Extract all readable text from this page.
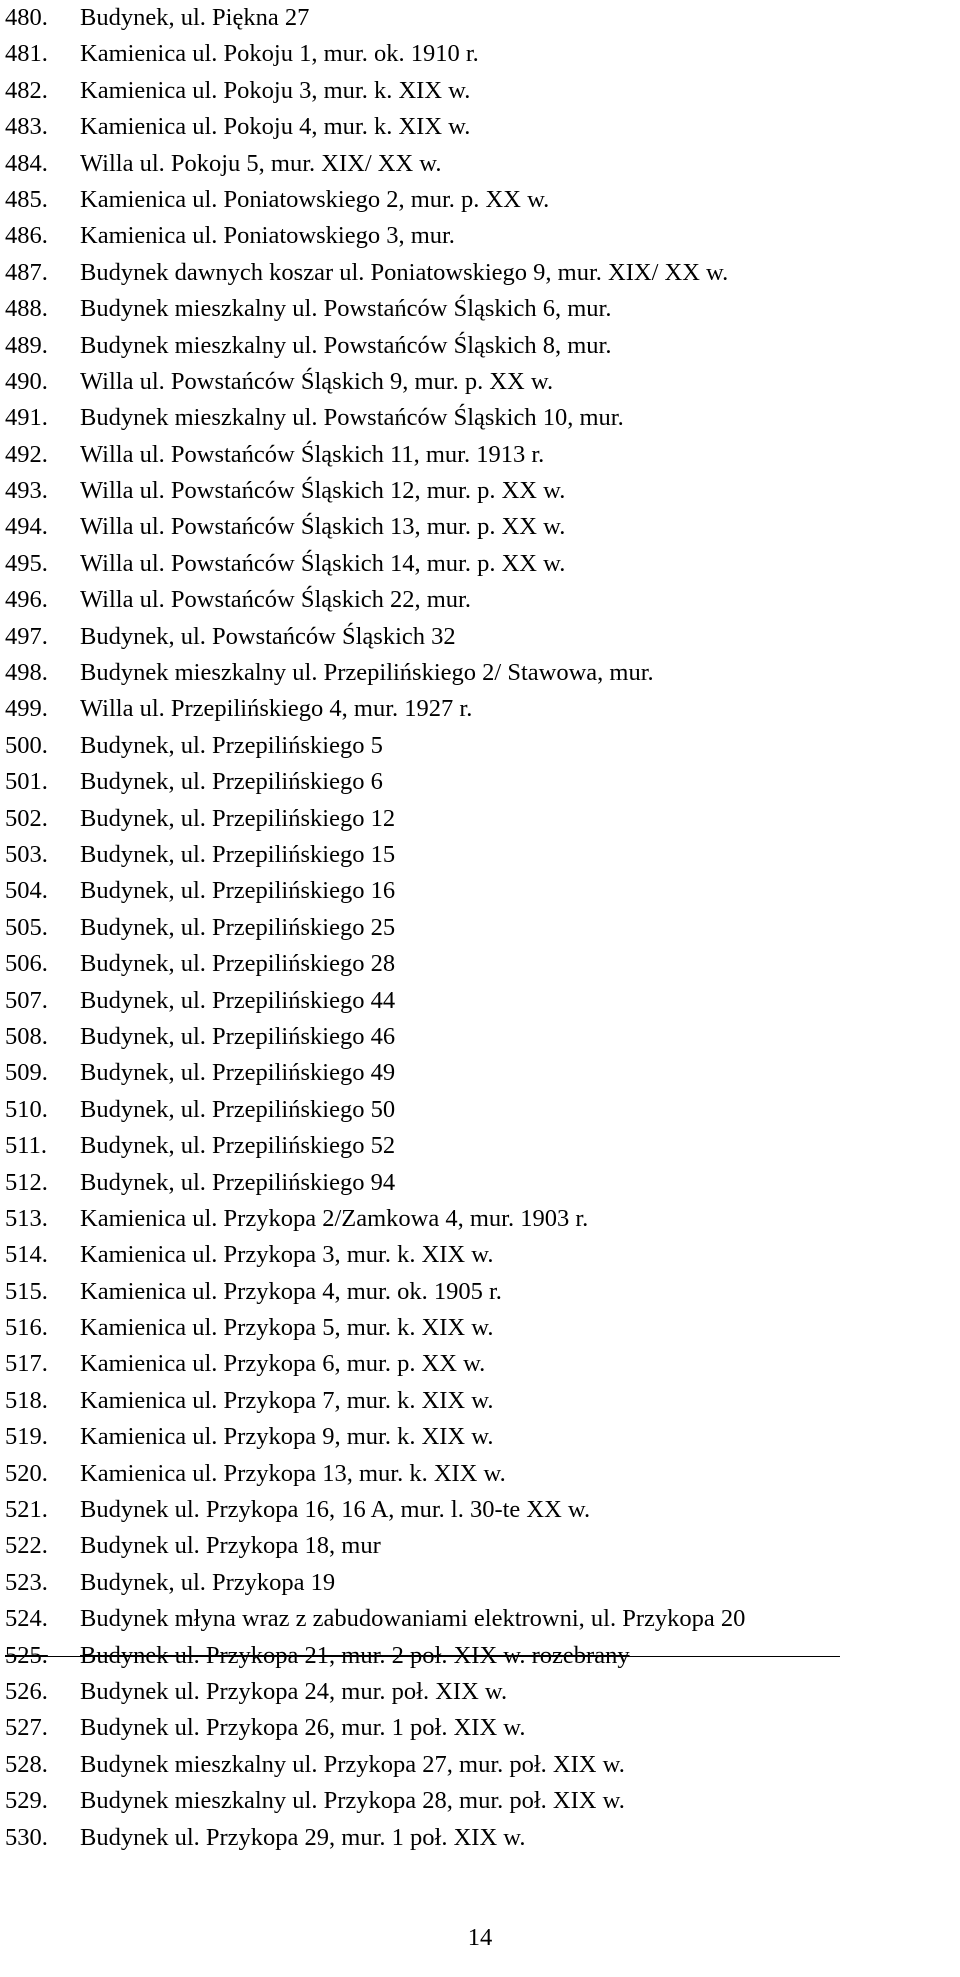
480. Budynek, ul. Piękna 27
481. Kamienica ul. Pokoju 1, mur. ok. 1910 r.
482. Kamienica ul. Pokoju 3, mur. k. XIX w.
483. Kamienica ul. Pokoju 4, mur. k. XIX w.
484. Willa ul. Pokoju 5, mur. XIX/ XX w.
485. Kamienica ul. Poniatowskiego 2, mur. p. XX w.
486. Kamienica ul. Poniatowskiego 3, mur.
487. Budynek dawnych koszar ul. Poniatowskiego 9, mur. XIX/ XX w.
488. Budynek mieszkalny ul. Powstańców Śląskich 6, mur.
489. Budynek mieszkalny ul. Powstańców Śląskich 8, mur.
490. Willa ul. Powstańców Śląskich 9, mur. p. XX w.
491. Budynek mieszkalny ul. Powstańców Śląskich 10, mur.
492. Willa ul. Powstańców Śląskich 11, mur. 1913 r.
493. Willa ul. Powstańców Śląskich 12, mur. p. XX w.
494. Willa ul. Powstańców Śląskich 13, mur. p. XX w.
495. Willa ul. Powstańców Śląskich 14, mur. p. XX w.
496. Willa ul. Powstańców Śląskich 22, mur.
497. Budynek, ul. Powstańców Śląskich 32
498. Budynek mieszkalny ul. Przepilińskiego 2/ Stawowa, mur.
499. Willa ul. Przepilińskiego 4, mur. 1927 r.
500. Budynek, ul. Przepilińskiego 5
501. Budynek, ul. Przepilińskiego 6
502. Budynek, ul. Przepilińskiego 12
503. Budynek, ul. Przepilińskiego 15
504. Budynek, ul. Przepilińskiego 16
505. Budynek, ul. Przepilińskiego 25
506. Budynek, ul. Przepilińskiego 28
507. Budynek, ul. Przepilińskiego 44
508. Budynek, ul. Przepilińskiego 46
509. Budynek, ul. Przepilińskiego 49
510. Budynek, ul. Przepilińskiego 50
511. Budynek, ul. Przepilińskiego 52
512. Budynek, ul. Przepilińskiego 94
513. Kamienica ul. Przykopa 2/Zamkowa 4, mur. 1903 r.
514. Kamienica ul. Przykopa 3, mur. k. XIX w.
515. Kamienica ul. Przykopa 4, mur. ok. 1905 r.
516. Kamienica ul. Przykopa 5, mur. k. XIX w.
517. Kamienica ul. Przykopa 6, mur. p. XX w.
518. Kamienica ul. Przykopa 7, mur. k. XIX w.
519. Kamienica ul. Przykopa 9, mur. k. XIX w.
520. Kamienica ul. Przykopa 13, mur. k. XIX w.
521. Budynek ul. Przykopa 16, 16 A, mur. l. 30-te XX w.
522. Budynek ul. Przykopa 18, mur
523. Budynek, ul. Przykopa 19
524. Budynek młyna wraz z zabudowaniami elektrowni, ul. Przykopa 20
525. Budynek ul. Przykopa 21, mur. 2 poł. XIX w. rozebrany
526. Budynek ul. Przykopa 24, mur. poł. XIX w.
527. Budynek ul. Przykopa 26, mur. 1 poł. XIX w.
528. Budynek mieszkalny ul. Przykopa 27, mur. poł. XIX w.
529. Budynek mieszkalny ul. Przykopa 28, mur. poł. XIX w.
530. Budynek ul. Przykopa 29, mur. 1 poł. XIX w.
14
